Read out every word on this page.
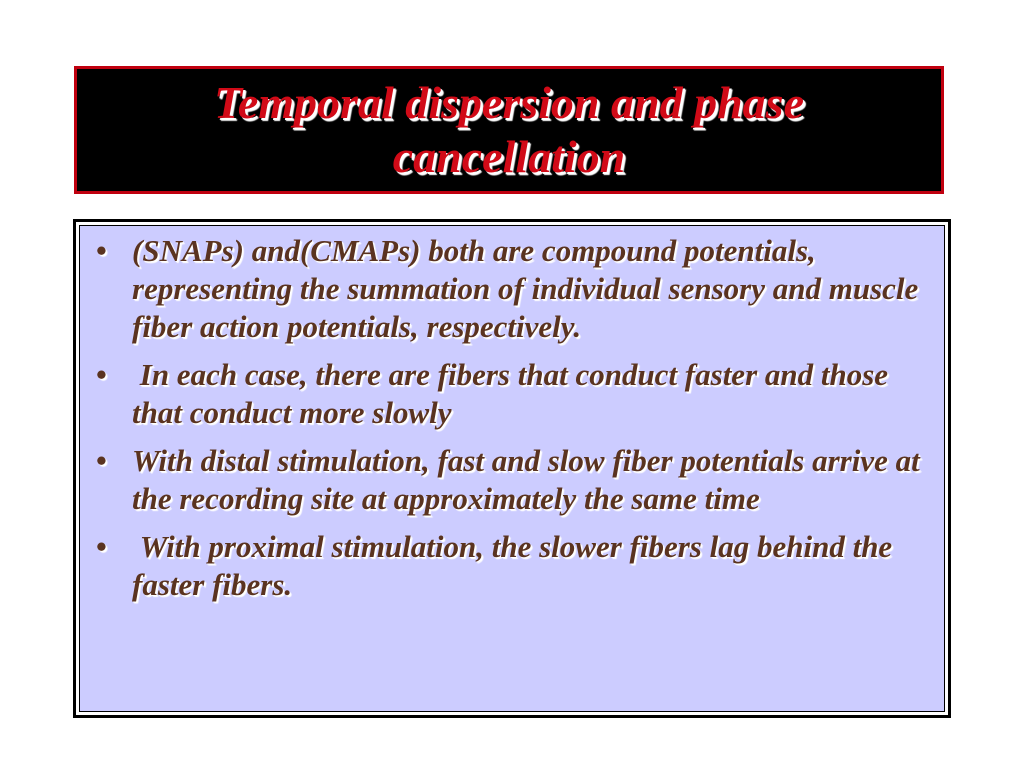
Temporal dispersion and phase cancellation
• (SNAPs) and(CMAPs) both are compound potentials, representing the summation of individual sensory and muscle fiber action potentials, respectively.
• In each case, there are fibers that conduct faster and those that conduct more slowly
• With distal stimulation, fast and slow fiber potentials arrive at the recording site at approximately the same time
• With proximal stimulation, the slower fibers lag behind the faster fibers.
